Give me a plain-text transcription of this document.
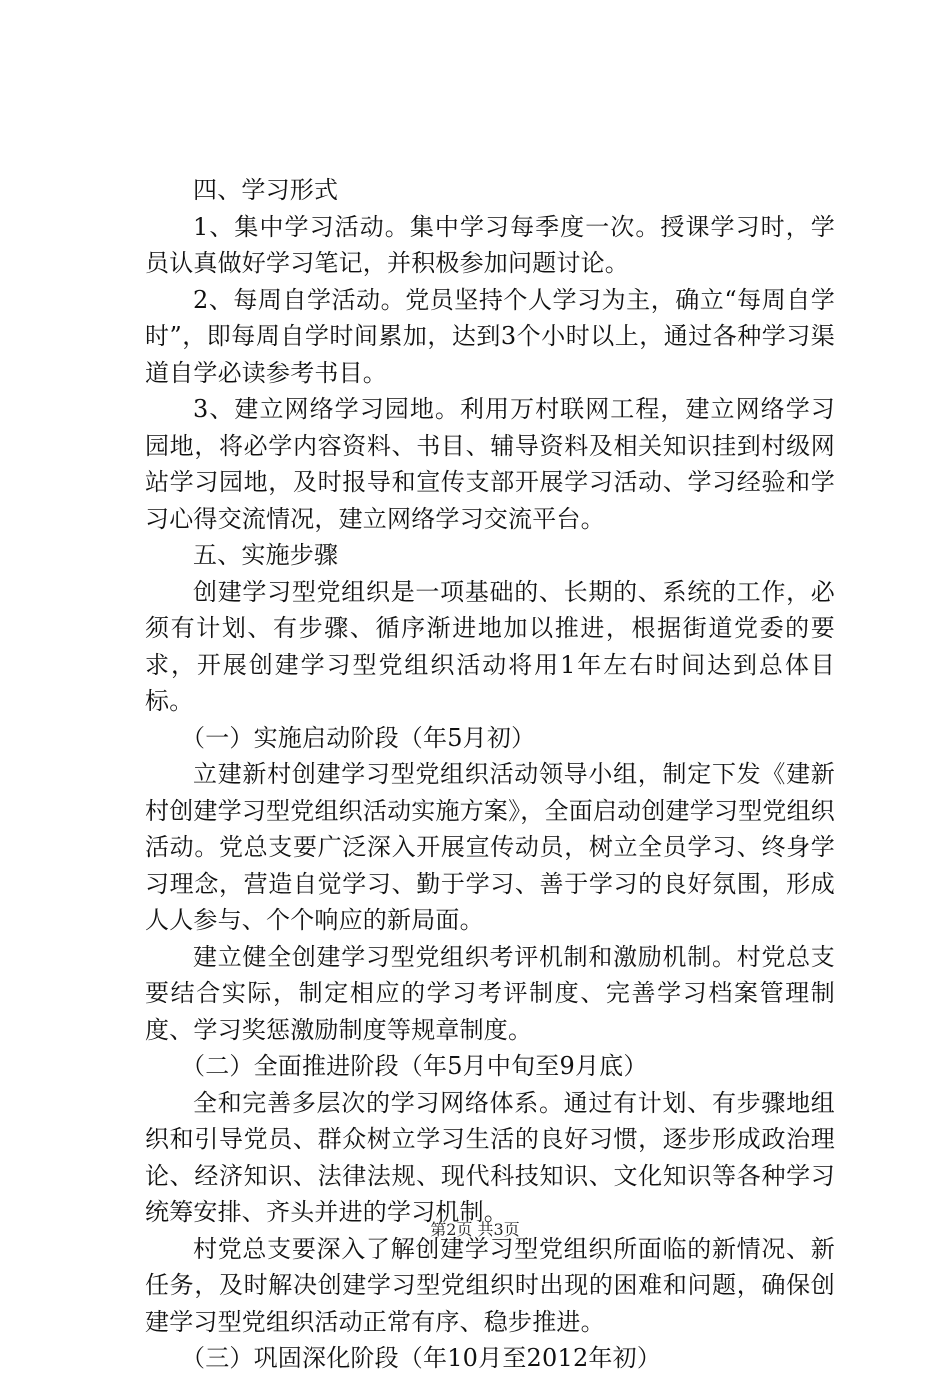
四、学习形式

1、集中学习活动。集中学习每季度一次。授课学习时，学员认真做好学习笔记，并积极参加问题讨论。

2、每周自学活动。党员坚持个人学习为主，确立“每周自学时”，即每周自学时间累加，达到3个小时以上，通过各种学习渠道自学必读参考书目。

3、建立网络学习园地。利用万村联网工程，建立网络学习园地，将必学内容资料、书目、辅导资料及相关知识挂到村级网站学习园地，及时报导和宣传支部开展学习活动、学习经验和学习心得交流情况，建立网络学习交流平台。

五、实施步骤

创建学习型党组织是一项基础的、长期的、系统的工作，必须有计划、有步骤、循序渐进地加以推进，根据街道党委的要求，开展创建学习型党组织活动将用1年左右时间达到总体目标。

（一）实施启动阶段（年5月初）

立建新村创建学习型党组织活动领导小组，制定下发《建新村创建学习型党组织活动实施方案》，全面启动创建学习型党组织活动。党总支要广泛深入开展宣传动员，树立全员学习、终身学习理念，营造自觉学习、勤于学习、善于学习的良好氛围，形成人人参与、个个响应的新局面。

建立健全创建学习型党组织考评机制和激励机制。村党总支要结合实际，制定相应的学习考评制度、完善学习档案管理制度、学习奖惩激励制度等规章制度。

（二）全面推进阶段（年5月中旬至9月底）

全和完善多层次的学习网络体系。通过有计划、有步骤地组织和引导党员、群众树立学习生活的良好习惯，逐步形成政治理论、经济知识、法律法规、现代科技知识、文化知识等各种学习统筹安排、齐头并进的学习机制。

村党总支要深入了解创建学习型党组织所面临的新情况、新任务，及时解决创建学习型党组织时出现的困难和问题，确保创建学习型党组织活动正常有序、稳步推进。

（三）巩固深化阶段（年10月至2012年初）

第2页 共3页
